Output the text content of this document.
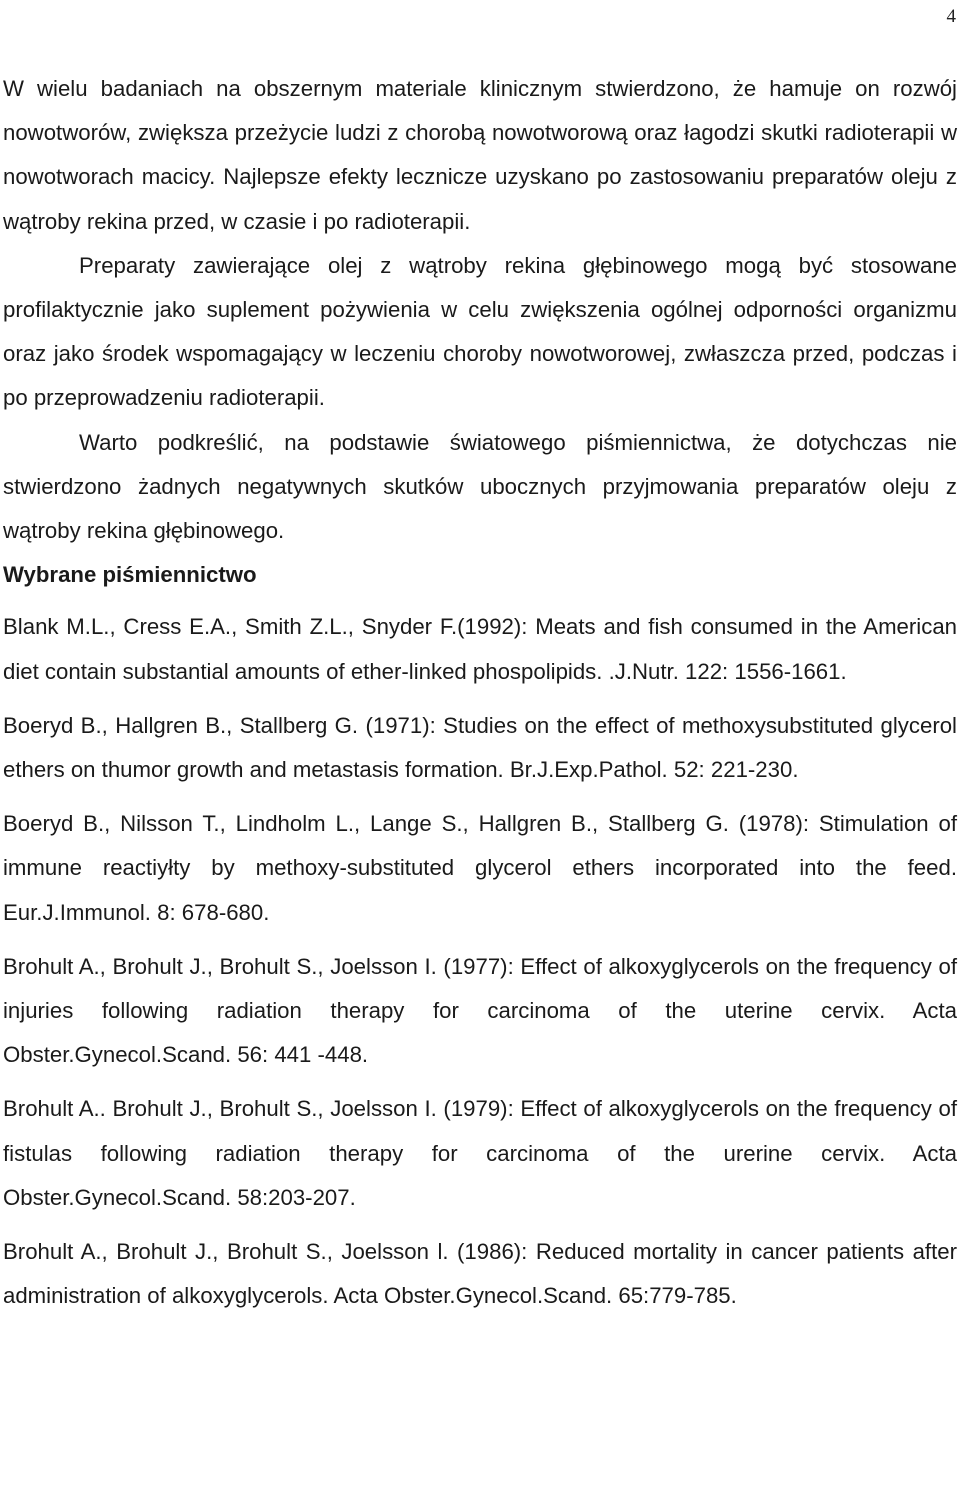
4

W wielu badaniach na obszernym materiale klinicznym stwierdzono, że hamuje on rozwój nowotworów, zwiększa przeżycie ludzi z chorobą nowotworową oraz łagodzi skutki radioterapii w nowotworach macicy. Najlepsze efekty lecznicze uzyskano po zastosowaniu preparatów oleju z wątroby rekina przed, w czasie i po radioterapii.

Preparaty zawierające olej z wątroby rekina głębinowego mogą być stosowane profilaktycznie jako suplement pożywienia w celu zwiększenia ogólnej odporności organizmu oraz jako środek wspomagający w leczeniu choroby nowotworowej, zwłaszcza przed, podczas i po przeprowadzeniu radioterapii.

Warto podkreślić, na podstawie światowego piśmiennictwa, że dotychczas nie stwierdzono żadnych negatywnych skutków ubocznych przyjmowania preparatów oleju z wątroby rekina głębinowego.

Wybrane piśmiennictwo

Blank M.L., Cress E.A., Smith Z.L., Snyder F.(1992): Meats and fish consumed in the American diet contain substantial amounts of ether-linked phospolipids. .J.Nutr. 122: 1556-1661.

Boeryd B., Hallgren B., Stallberg G. (1971): Studies on the effect of methoxysubstituted glycerol ethers on thumor growth and metastasis formation. Br.J.Exp.Pathol. 52: 221-230.

Boeryd B., Nilsson T., Lindholm L., Lange S., Hallgren B., Stallberg G. (1978): Stimulation of immune reactiyłty by methoxy-substituted glycerol ethers incorporated into the feed. Eur.J.Immunol. 8: 678-680.

Brohult A., Brohult J., Brohult S., Joelsson I. (1977): Effect of alkoxyglycerols on the frequency of injuries following radiation therapy for carcinoma of the uterine cervix. Acta Obster.Gynecol.Scand. 56: 441 -448.

Brohult A.. Brohult J., Brohult S., Joelsson I. (1979): Effect of alkoxyglycerols on the frequency of fistulas following radiation therapy for carcinoma of the urerine cervix. Acta Obster.Gynecol.Scand. 58:203-207.

Brohult A., Brohult J., Brohult S., Joelsson l. (1986): Reduced mortality in cancer patients after administration of alkoxyglycerols. Acta Obster.Gynecol.Scand. 65:779-785.
